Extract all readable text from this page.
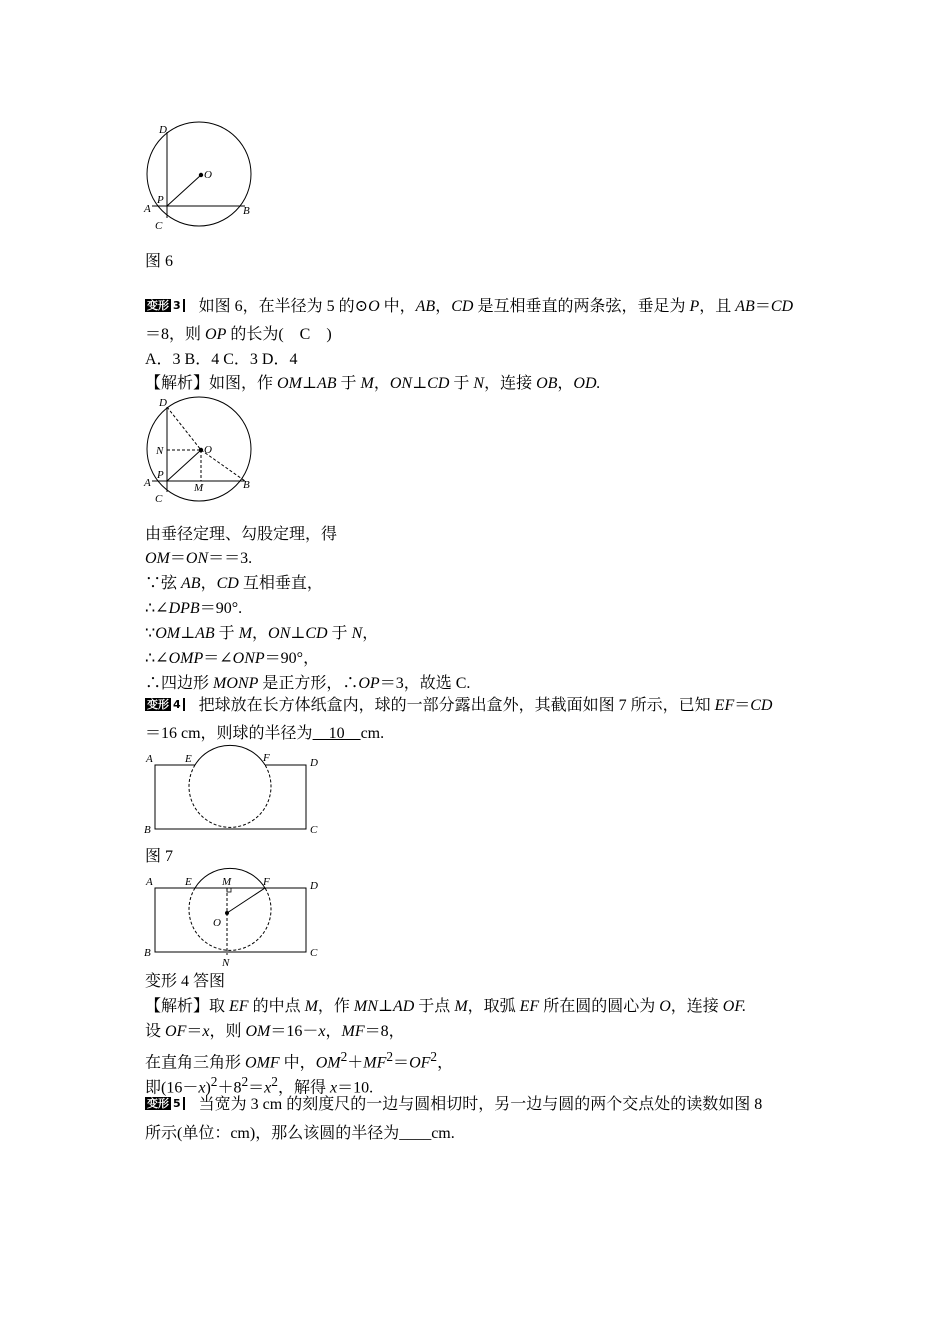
D
O
P
A	B
C
图 6
变形 3 如图 6，在半径为 5 的⊙O 中，AB，CD 是互相垂直的两条弦，垂足为 P，且 AB＝CD
＝8，则 OP 的长为(　C　)
A．3 B．4 C．3 D．4
【解析】如图，作 OM⊥AB 于 M，ON⊥CD 于 N，连接 OB，OD.
D
N	O
P
A	M	B
C
由垂径定理、勾股定理，得
OM＝ON＝＝3.
∵弦 AB，CD 互相垂直，
∴∠DPB＝90°.
∵OM⊥AB 于 M，ON⊥CD 于 N，
∴∠OMP＝∠ONP＝90°，
∴四边形 MONP 是正方形，∴OP＝3，故选 C.
变形 4 把球放在长方体纸盒内，球的一部分露出盒外，其截面如图 7 所示，已知 EF＝CD
＝16 cm，则球的半径为　10　cm.
A	E	F	D
B	C
图 7
A	E	M	F	D
O
B
N
C
变形 4 答图
【解析】取 EF 的中点 M，作 MN⊥AD 于点 M，取弧 EF 所在圆的圆心为 O，连接 OF.
设 OF＝x，则 OM＝16－x，MF＝8，
在直角三角形 OMF 中，$OM^2+MF^2=OF^2$，
即$(16-x)^2+8^2=x^2$，解得 x＝10.
变形 5 当宽为 3 cm 的刻度尺的一边与圆相切时，另一边与圆的两个交点处的读数如图 8
所示(单位：cm)，那么该圆的半径为____cm.
